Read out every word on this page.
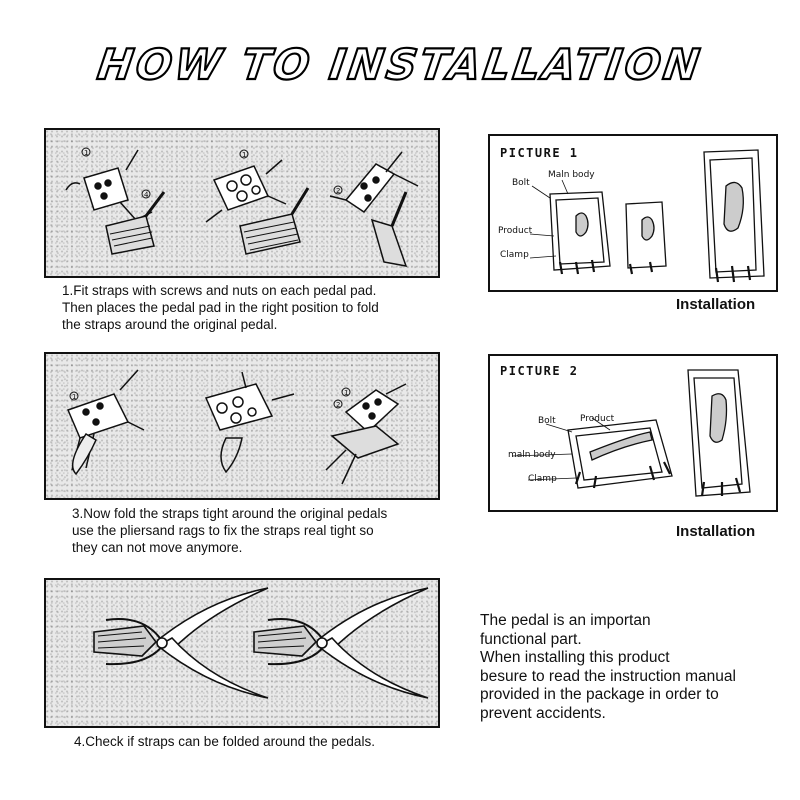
HOW TO INSTALLATION
1
4
1
2
1.Fit straps with screws and nuts on each pedal pad.
Then places the pedal pad in the right position to fold
the straps around the original pedal.
1	1
2
3.Now fold the straps tight around the original pedals
use the pliersand rags to fix the straps real tight so
they can not move anymore.
4.Check if straps can be folded around the pedals.
PICTURE 1
Bolt
Maln body
Product
Clamp
Installation
PICTURE 2
Bolt	Product
maln body
Clamp
Installation
The pedal is an importan
functional part.
When installing this product
besure to read the instruction manual
provided in the package in order to
prevent accidents.
